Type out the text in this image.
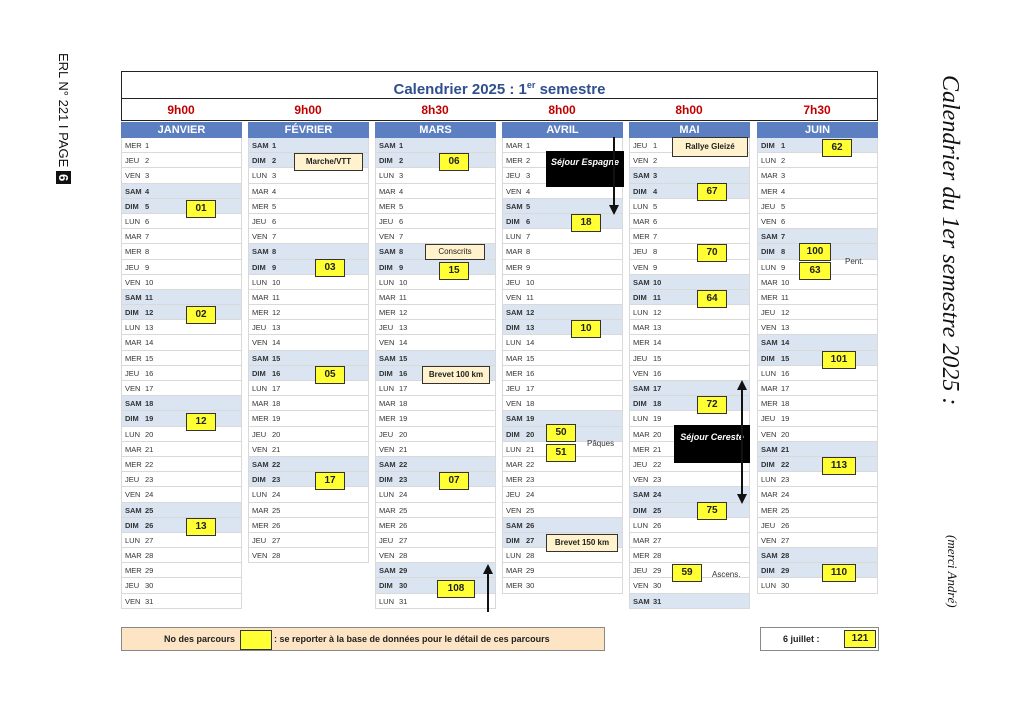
ERL N° 221 I PAGE 6	Calendrier du 1er semestre 2025 :
(merci André)
Calendrier 2025 : 1er semestre
9h00
JANVIER
MER 1
JEU 2
VEN 3
SAM 4
DIM 5
LUN 6
MAR 7
MER 8
JEU 9
VEN 10
SAM 11
DIM 12
LUN 13
MAR 14
MER 15
JEU 16
VEN 17
SAM 18
DIM 19
LUN 20
MAR 21
MER 22
JEU 23
VEN 24
SAM 25
DIM 26
LUN 27
MAR 28
MER 29
JEU 30
VEN 31
9h00
FÉVRIER
SAM 1
DIM 2
LUN 3
MAR 4
MER 5
JEU 6
VEN 7
SAM 8
DIM 9
LUN 10
MAR 11
MER 12
JEU 13
VEN 14
SAM 15
DIM 16
LUN 17
MAR 18
MER 19
JEU 20
VEN 21
SAM 22
DIM 23
LUN 24
MAR 25
MER 26
JEU 27
VEN 28
8h30
MARS
SAM 1
DIM 2
LUN 3
MAR 4
MER 5
JEU 6
VEN 7
SAM 8
DIM 9
LUN 10
MAR 11
MER 12
JEU 13
VEN 14
SAM 15
DIM 16
LUN 17
MAR 18
MER 19
JEU 20
VEN 21
SAM 22
DIM 23
LUN 24
MAR 25
MER 26
JEU 27
VEN 28
SAM 29
DIM 30
LUN 31
8h00
AVRIL
MAR 1
MER 2
JEU 3
VEN 4
SAM 5
DIM 6
LUN 7
MAR 8
MER 9
JEU 10
VEN 11
SAM 12
DIM 13
LUN 14
MAR 15
MER 16
JEU 17
VEN 18
SAM 19
DIM 20
LUN 21
MAR 22
MER 23
JEU 24
VEN 25
SAM 26
DIM 27
LUN 28
MAR 29
MER 30
8h00
MAI
JEU 1
VEN 2
SAM 3
DIM 4
LUN 5
MAR 6
MER 7
JEU 8
VEN 9
SAM 10
DIM 11
LUN 12
MAR 13
MER 14
JEU 15
VEN 16
SAM 17
DIM 18
LUN 19
MAR 20
MER 21
JEU 22
VEN 23
SAM 24
DIM 25
LUN 26
MAR 27
MER 28
JEU 29
VEN 30
SAM 31
7h30
JUIN
DIM 1
LUN 2
MAR 3
MER 4
JEU 5
VEN 6
SAM 7
DIM 8
LUN 9
MAR 10
MER 11
JEU 12
VEN 13
SAM 14
DIM 15
LUN 16
MAR 17
MER 18
JEU 19
VEN 20
SAM 21
DIM 22
LUN 23
MAR 24
MER 25
JEU 26
VEN 27
SAM 28
DIM 29
LUN 30
01
02
12
13
03
05
17
06
15
07
108
18
10
50
51
67
70
64
72
75
59
62
100
63
101
113
110
Marche/VTT
Conscrits
Brevet 100 km
Brevet 150 km
Rallye Gleizé
Séjour Espagne
Séjour Cereste
Pâques
Ascens.
Pent.
No des parcours	: se reporter à la base de données pour le détail de ces parcours	6 juillet :	121
